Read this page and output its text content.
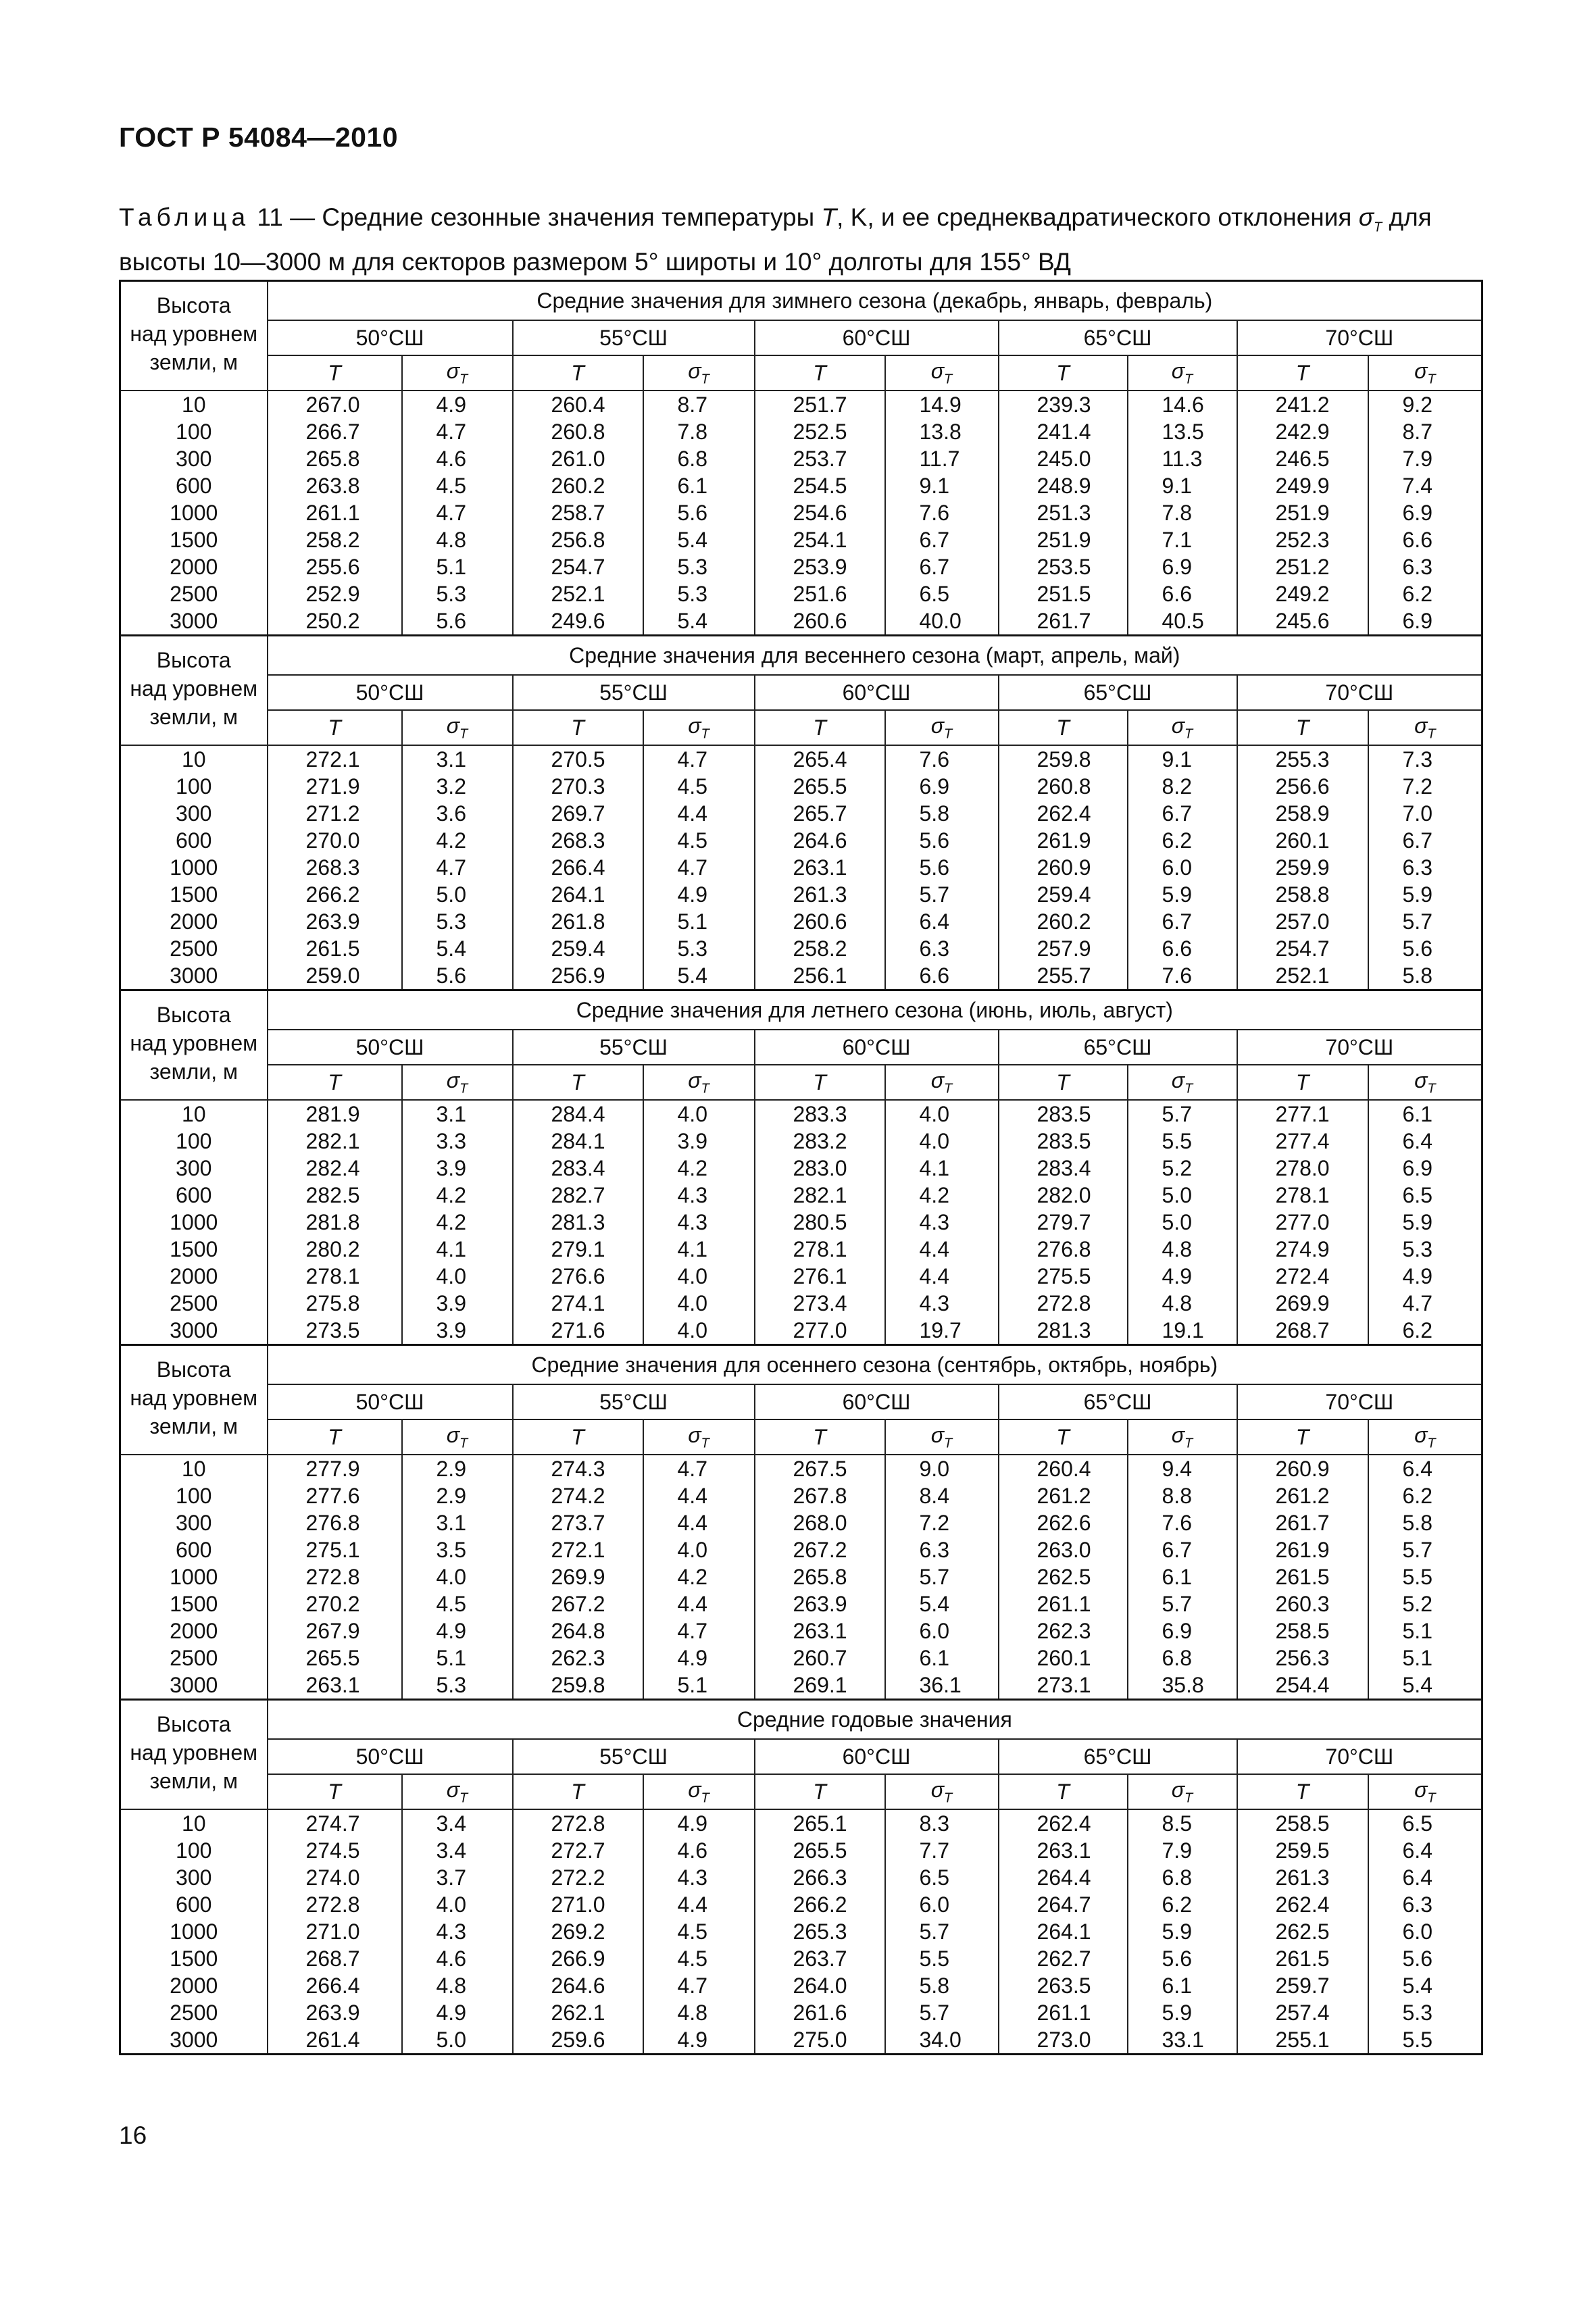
ГОСТ Р 54084—2010
Таблица 11 — Средние сезонные значения температуры T, K, и ее среднеквадратического отклонения $\sigma_T$ для высоты 10—3000 м для секторов размером 5° широты и 10° долготы для 155° ВД
Высота
над уровнем
земли, м	Средние значения для зимнего сезона (декабрь, январь, февраль)									
	50°СШ		55°СШ		60°СШ		65°СШ		70°СШ	
	T	$\sigma_T$	T	$\sigma_T$	T	$\sigma_T$	T	$\sigma_T$	T	$\sigma_T$
10	267.0	4.9	260.4	8.7	251.7	14.9	239.3	14.6	241.2	9.2
100	266.7	4.7	260.8	7.8	252.5	13.8	241.4	13.5	242.9	8.7
300	265.8	4.6	261.0	6.8	253.7	11.7	245.0	11.3	246.5	7.9
600	263.8	4.5	260.2	6.1	254.5	9.1	248.9	9.1	249.9	7.4
1000	261.1	4.7	258.7	5.6	254.6	7.6	251.3	7.8	251.9	6.9
1500	258.2	4.8	256.8	5.4	254.1	6.7	251.9	7.1	252.3	6.6
2000	255.6	5.1	254.7	5.3	253.9	6.7	253.5	6.9	251.2	6.3
2500	252.9	5.3	252.1	5.3	251.6	6.5	251.5	6.6	249.2	6.2
3000	250.2	5.6	249.6	5.4	260.6	40.0	261.7	40.5	245.6	6.9

Высота
над уровнем
земли, м	Средние значения для весеннего сезона (март, апрель, май)									
	50°СШ		55°СШ		60°СШ		65°СШ		70°СШ	
	T	$\sigma_T$	T	$\sigma_T$	T	$\sigma_T$	T	$\sigma_T$	T	$\sigma_T$
10	272.1	3.1	270.5	4.7	265.4	7.6	259.8	9.1	255.3	7.3
100	271.9	3.2	270.3	4.5	265.5	6.9	260.8	8.2	256.6	7.2
300	271.2	3.6	269.7	4.4	265.7	5.8	262.4	6.7	258.9	7.0
600	270.0	4.2	268.3	4.5	264.6	5.6	261.9	6.2	260.1	6.7
1000	268.3	4.7	266.4	4.7	263.1	5.6	260.9	6.0	259.9	6.3
1500	266.2	5.0	264.1	4.9	261.3	5.7	259.4	5.9	258.8	5.9
2000	263.9	5.3	261.8	5.1	260.6	6.4	260.2	6.7	257.0	5.7
2500	261.5	5.4	259.4	5.3	258.2	6.3	257.9	6.6	254.7	5.6
3000	259.0	5.6	256.9	5.4	256.1	6.6	255.7	7.6	252.1	5.8

Высота
над уровнем
земли, м	Средние значения для летнего сезона (июнь, июль, август)									
	50°СШ		55°СШ		60°СШ		65°СШ		70°СШ	
	T	$\sigma_T$	T	$\sigma_T$	T	$\sigma_T$	T	$\sigma_T$	T	$\sigma_T$
10	281.9	3.1	284.4	4.0	283.3	4.0	283.5	5.7	277.1	6.1
100	282.1	3.3	284.1	3.9	283.2	4.0	283.5	5.5	277.4	6.4
300	282.4	3.9	283.4	4.2	283.0	4.1	283.4	5.2	278.0	6.9
600	282.5	4.2	282.7	4.3	282.1	4.2	282.0	5.0	278.1	6.5
1000	281.8	4.2	281.3	4.3	280.5	4.3	279.7	5.0	277.0	5.9
1500	280.2	4.1	279.1	4.1	278.1	4.4	276.8	4.8	274.9	5.3
2000	278.1	4.0	276.6	4.0	276.1	4.4	275.5	4.9	272.4	4.9
2500	275.8	3.9	274.1	4.0	273.4	4.3	272.8	4.8	269.9	4.7
3000	273.5	3.9	271.6	4.0	277.0	19.7	281.3	19.1	268.7	6.2

Высота
над уровнем
земли, м	Средние значения для осеннего сезона (сентябрь, октябрь, ноябрь)									
	50°СШ		55°СШ		60°СШ		65°СШ		70°СШ	
	T	$\sigma_T$	T	$\sigma_T$	T	$\sigma_T$	T	$\sigma_T$	T	$\sigma_T$
10	277.9	2.9	274.3	4.7	267.5	9.0	260.4	9.4	260.9	6.4
100	277.6	2.9	274.2	4.4	267.8	8.4	261.2	8.8	261.2	6.2
300	276.8	3.1	273.7	4.4	268.0	7.2	262.6	7.6	261.7	5.8
600	275.1	3.5	272.1	4.0	267.2	6.3	263.0	6.7	261.9	5.7
1000	272.8	4.0	269.9	4.2	265.8	5.7	262.5	6.1	261.5	5.5
1500	270.2	4.5	267.2	4.4	263.9	5.4	261.1	5.7	260.3	5.2
2000	267.9	4.9	264.8	4.7	263.1	6.0	262.3	6.9	258.5	5.1
2500	265.5	5.1	262.3	4.9	260.7	6.1	260.1	6.8	256.3	5.1
3000	263.1	5.3	259.8	5.1	269.1	36.1	273.1	35.8	254.4	5.4

Высота
над уровнем
земли, м	Средние годовые значения									
	50°СШ		55°СШ		60°СШ		65°СШ		70°СШ	
	T	$\sigma_T$	T	$\sigma_T$	T	$\sigma_T$	T	$\sigma_T$	T	$\sigma_T$
10	274.7	3.4	272.8	4.9	265.1	8.3	262.4	8.5	258.5	6.5
100	274.5	3.4	272.7	4.6	265.5	7.7	263.1	7.9	259.5	6.4
300	274.0	3.7	272.2	4.3	266.3	6.5	264.4	6.8	261.3	6.4
600	272.8	4.0	271.0	4.4	266.2	6.0	264.7	6.2	262.4	6.3
1000	271.0	4.3	269.2	4.5	265.3	5.7	264.1	5.9	262.5	6.0
1500	268.7	4.6	266.9	4.5	263.7	5.5	262.7	5.6	261.5	5.6
2000	266.4	4.8	264.6	4.7	264.0	5.8	263.5	6.1	259.7	5.4
2500	263.9	4.9	262.1	4.8	261.6	5.7	261.1	5.9	257.4	5.3
3000	261.4	5.0	259.6	4.9	275.0	34.0	273.0	33.1	255.1	5.5
16
